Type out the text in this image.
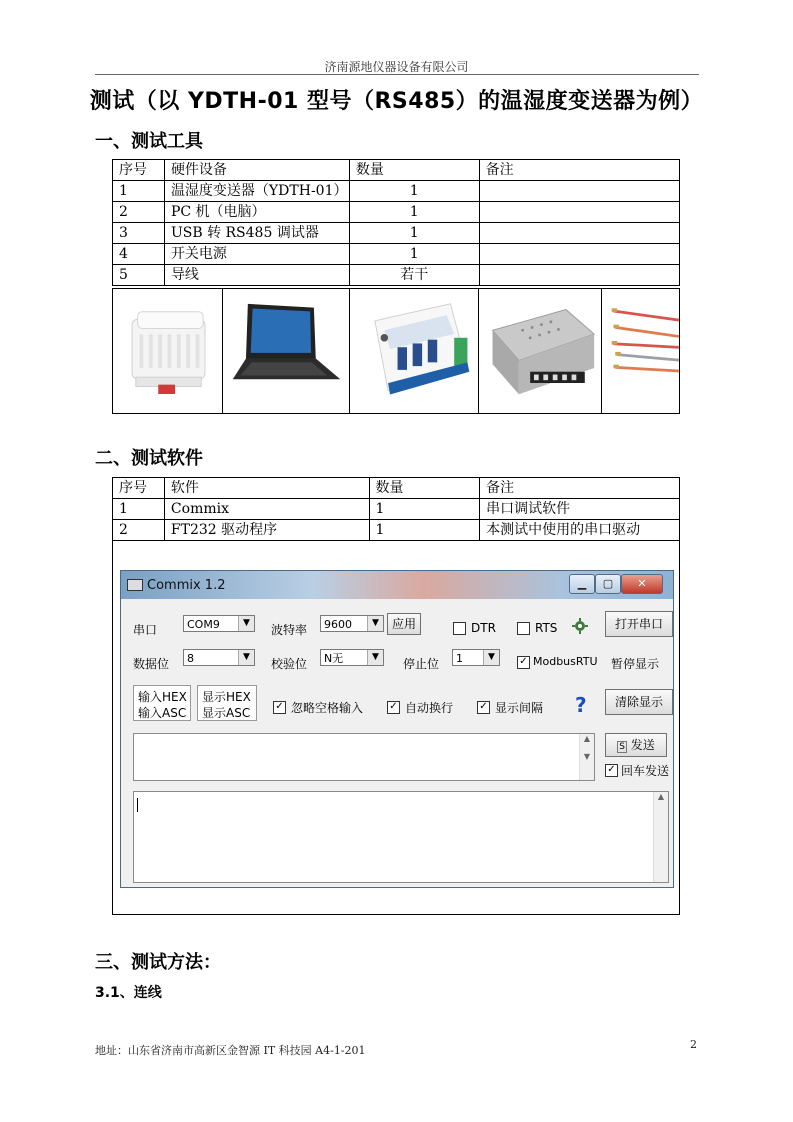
济南源地仪器设备有限公司
测试（以 YDTH-01 型号（RS485）的温湿度变送器为例）
一、测试工具
序号	硬件设备	数量	备注
1	温湿度变送器（YDTH-01）	1	
2	PC 机（电脑）	1	
3	USB 转 RS485 调试器	1	
4	开关电源	1	
5	导线	若干	

二、测试软件
序号	软件	数量	备注
1	Commix	1	串口调试软件
2	FT232 驱动程序	1	本测试中使用的串口驱动
Commix 1.2	▁	▢	✕
串口	COM9	▼	波特率	9600	▼	应用	DTR	RTS	打开串口
数据位	8	▼	校验位	N无	▼	停止位	1	▼	✓ ModbusRTU 暂停显示
输入HEX
输入ASC
显示HEX
显示ASC	✓ 忽略空格输入	✓ 自动换行	✓ 显示间隔 ?	清除显示
▲

▼
S 发送
✓ 回车发送
▲
三、测试方法：
3.1、连线
地址：山东省济南市高新区金智源 IT 科技园 A4-1-201	2
